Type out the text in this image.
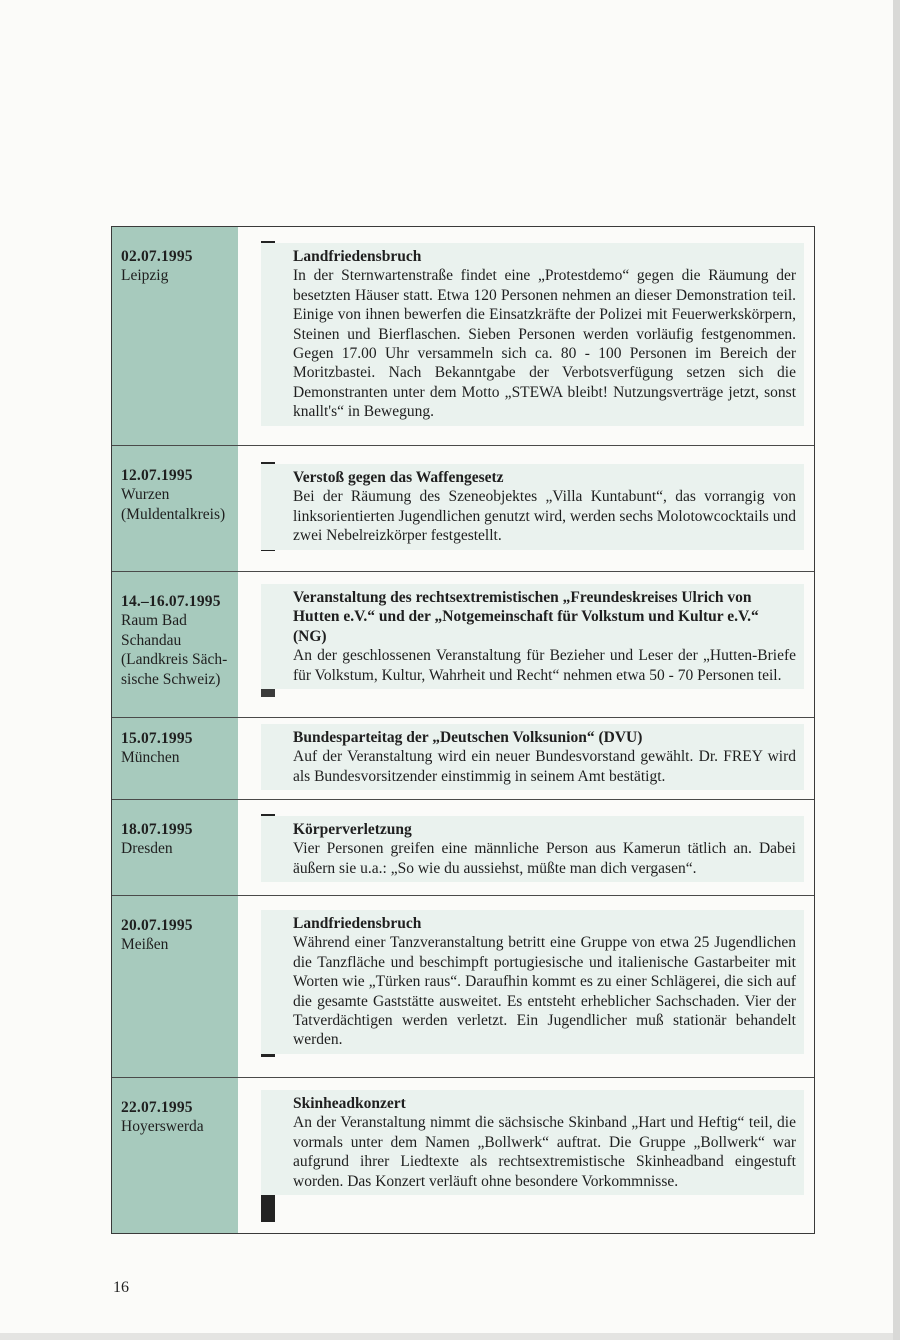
02.07.1995
Leipzig
Landfriedensbruch
In der Sternwartenstraße findet eine „Protestdemo“ gegen die Räumung der besetzten Häuser statt. Etwa 120 Personen nehmen an dieser Demonstration teil. Einige von ihnen bewerfen die Einsatzkräfte der Polizei mit Feuerwerkskörpern, Steinen und Bierflaschen. Sieben Personen werden vorläufig festgenommen. Gegen 17.00 Uhr versammeln sich ca. 80 - 100 Personen im Bereich der Moritzbastei. Nach Bekanntgabe der Verbotsverfügung setzen sich die Demonstranten unter dem Motto „STEWA bleibt! Nutzungsverträge jetzt, sonst knallt's“ in Bewegung.
12.07.1995
Wurzen
(Muldentalkreis)
Verstoß gegen das Waffengesetz
Bei der Räumung des Szeneobjektes „Villa Kuntabunt“, das vorrangig von linksorientierten Jugendlichen genutzt wird, werden sechs Molotowcocktails und zwei Nebelreizkörper festgestellt.
14.–16.07.1995
Raum Bad
Schandau
(Landkreis Säch-
sische Schweiz)
Veranstaltung des rechtsextremistischen „Freundeskreises Ulrich von Hutten e.V.“ und der „Notgemeinschaft für Volkstum und Kultur e.V.“ (NG)
An der geschlossenen Veranstaltung für Bezieher und Leser der „Hutten-Briefe für Volkstum, Kultur, Wahrheit und Recht“ nehmen etwa 50 - 70 Personen teil.
15.07.1995
München
Bundesparteitag der „Deutschen Volksunion“ (DVU)
Auf der Veranstaltung wird ein neuer Bundesvorstand gewählt. Dr. FREY wird als Bundesvorsitzender einstimmig in seinem Amt bestätigt.
18.07.1995
Dresden
Körperverletzung
Vier Personen greifen eine männliche Person aus Kamerun tätlich an. Dabei äußern sie u.a.: „So wie du aussiehst, müßte man dich vergasen“.
20.07.1995
Meißen
Landfriedensbruch
Während einer Tanzveranstaltung betritt eine Gruppe von etwa 25 Jugendlichen die Tanzfläche und beschimpft portugiesische und italienische Gastarbeiter mit Worten wie „Türken raus“. Daraufhin kommt es zu einer Schlägerei, die sich auf die gesamte Gaststätte ausweitet. Es entsteht erheblicher Sachschaden. Vier der Tatverdächtigen werden verletzt. Ein Jugendlicher muß stationär behandelt werden.
22.07.1995
Hoyerswerda
Skinheadkonzert
An der Veranstaltung nimmt die sächsische Skinband „Hart und Heftig“ teil, die vormals unter dem Namen „Bollwerk“ auftrat. Die Gruppe „Bollwerk“ war aufgrund ihrer Liedtexte als rechtsextremistische Skinheadband eingestuft worden. Das Konzert verläuft ohne besondere Vorkommnisse.
16
